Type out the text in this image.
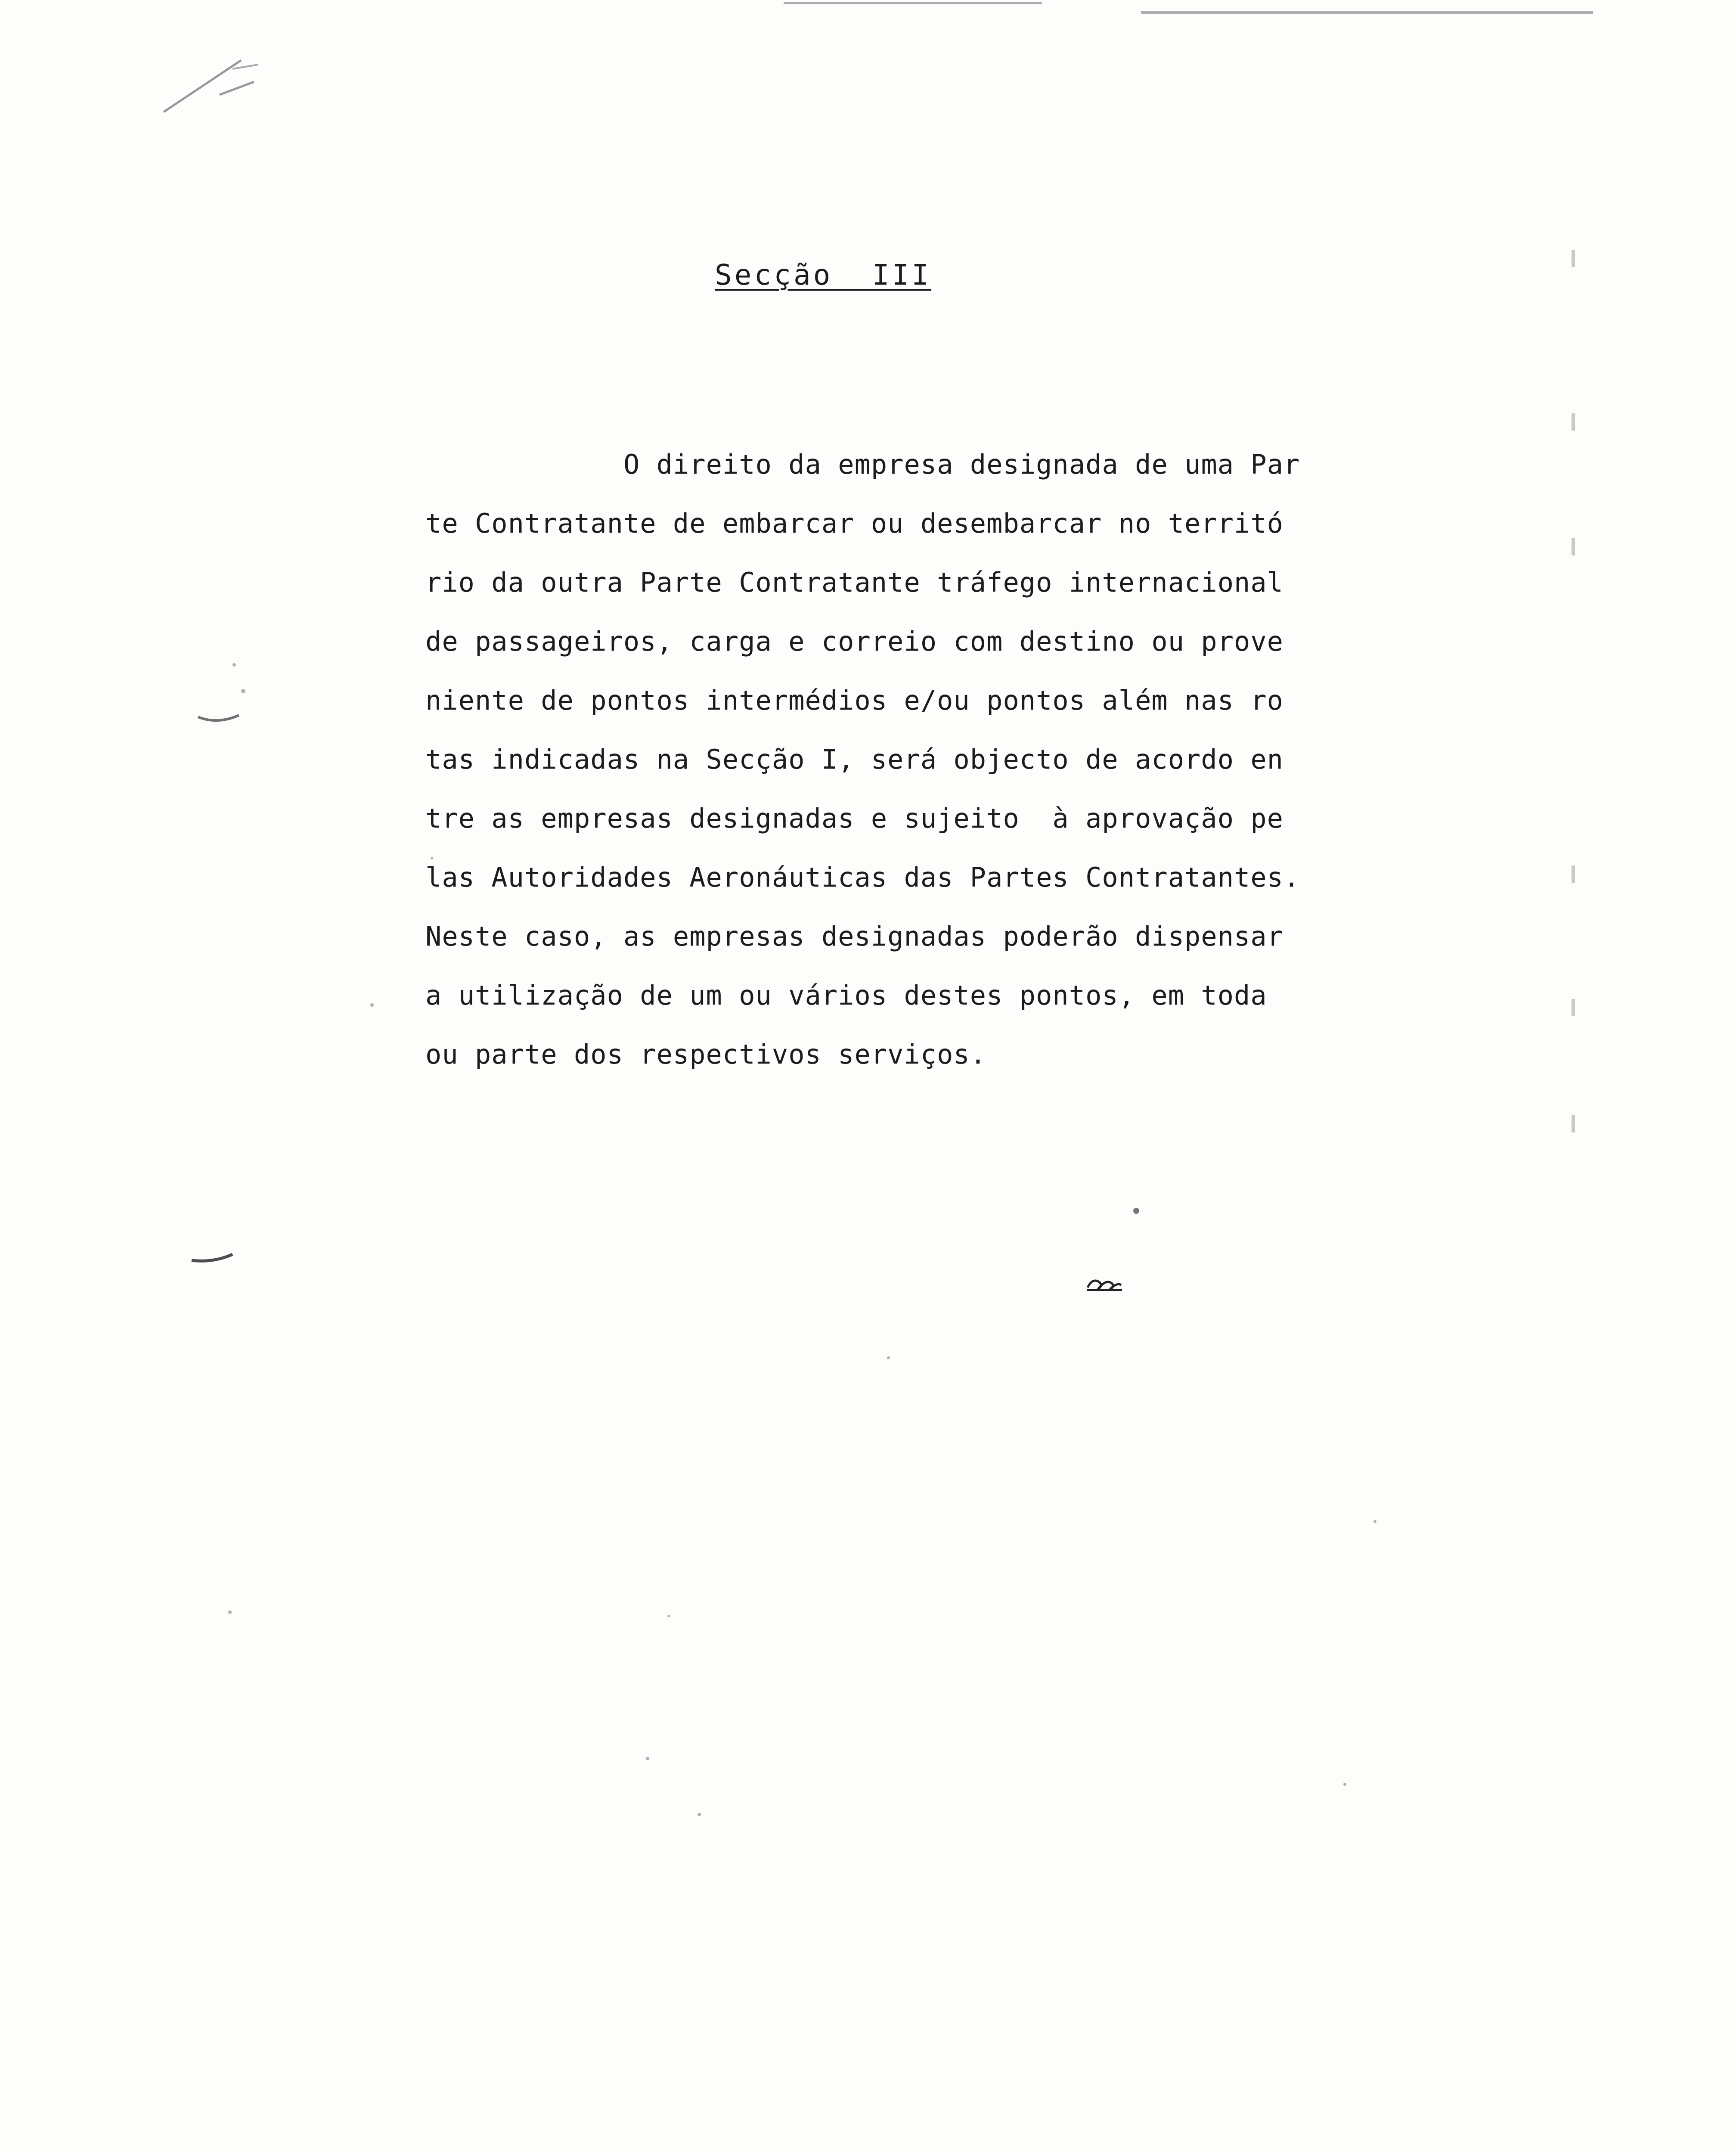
Secção  III
O direito da empresa designada de uma Par
te Contratante de embarcar ou desembarcar no territó
rio da outra Parte Contratante tráfego internacional
de passageiros, carga e correio com destino ou prove
niente de pontos intermédios e/ou pontos além nas ro
tas indicadas na Secção I, será objecto de acordo en
tre as empresas designadas e sujeito  à aprovação pe
las Autoridades Aeronáuticas das Partes Contratantes.
Neste caso, as empresas designadas poderão dispensar
a utilização de um ou vários destes pontos, em toda
ou parte dos respectivos serviços.
